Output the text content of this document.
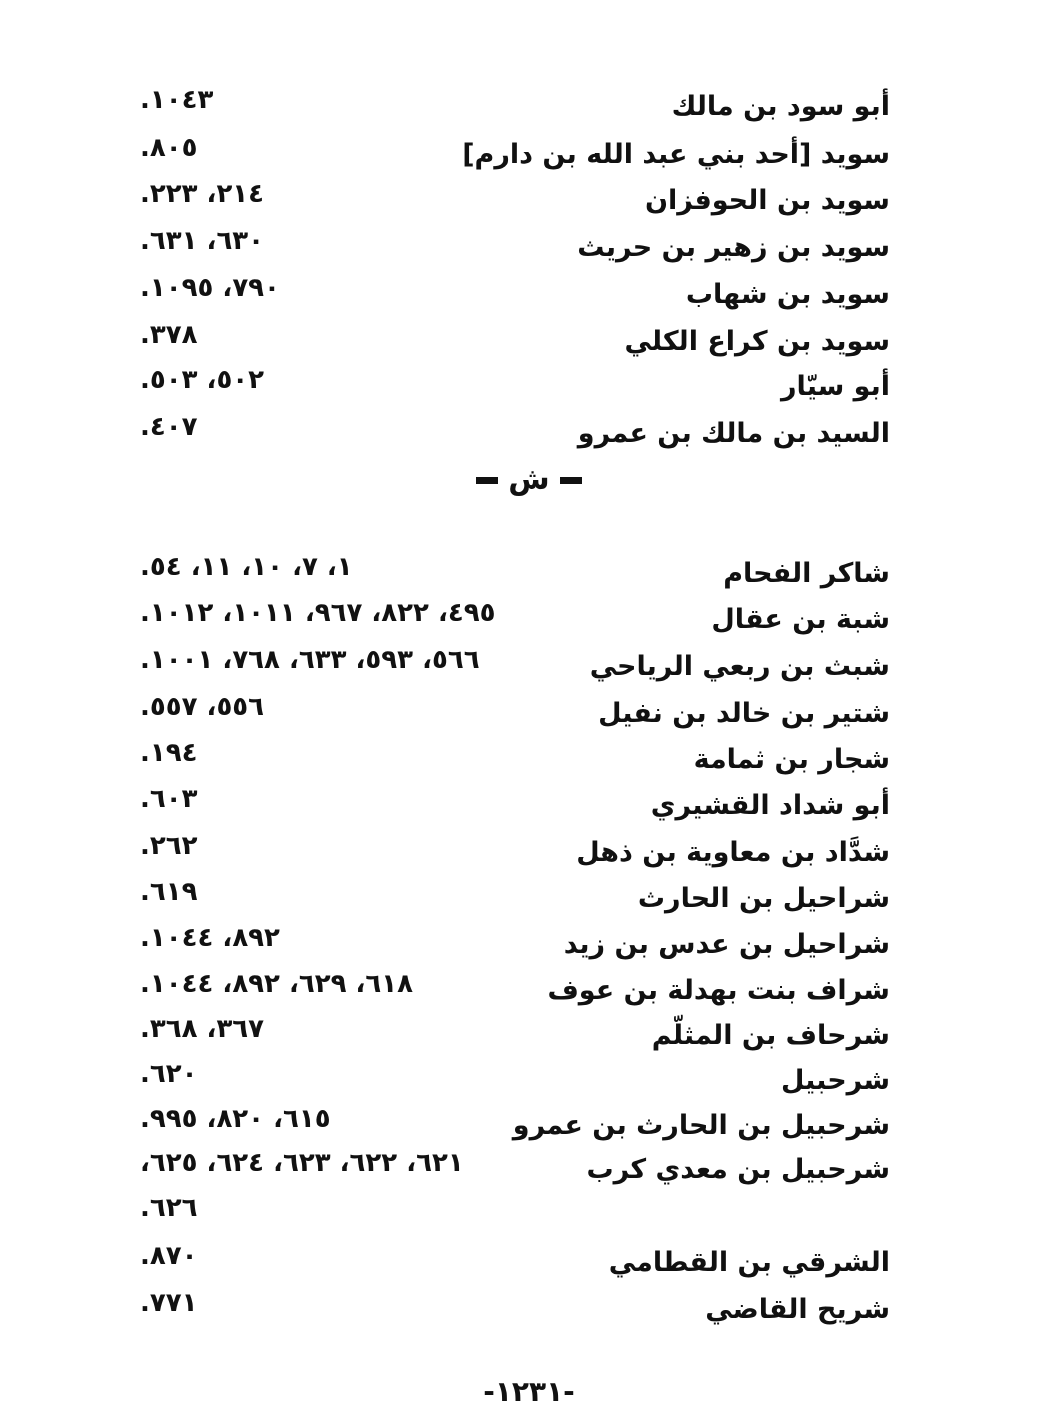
أبو سود بن مالك
١٠٤٣.
سويد [أحد بني عبد الله بن دارم]
٨٠٥.
سويد بن الحوفزان
٢١٤، ٢٢٣.
سويد بن زهير بن حريث
٦٣٠، ٦٣١.
سويد بن شهاب
٧٩٠، ١٠٩٥.
سويد بن كراع الكلي
٣٧٨.
أبو سيّار
٥٠٢، ٥٠٣.
السيد بن مالك بن عمرو
٤٠٧.
ش
شاكر الفحام
١، ٧، ١٠، ١١، ٥٤.
شبة بن عقال
٤٩٥، ٨٢٢، ٩٦٧، ١٠١١، ١٠١٢.
شبث بن ربعي الرياحي
٥٦٦، ٥٩٣، ٦٣٣، ٧٦٨، ١٠٠١.
شتير بن خالد بن نفيل
٥٥٦، ٥٥٧.
شجار بن ثمامة
١٩٤.
أبو شداد القشيري
٦٠٣.
شدَّاد بن معاوية بن ذهل
٢٦٢.
شراحيل بن الحارث
٦١٩.
شراحيل بن عدس بن زيد
٨٩٢، ١٠٤٤.
شراف بنت بهدلة بن عوف
٦١٨، ٦٢٩، ٨٩٢، ١٠٤٤.
شرحاف بن المثلّم
٣٦٧، ٣٦٨.
شرحبيل
٦٢٠.
شرحبيل بن الحارث بن عمرو
٦١٥، ٨٢٠، ٩٩٥.
شرحبيل بن معدي كرب
٦٢١، ٦٢٢، ٦٢٣، ٦٢٤، ٦٢٥،
٦٢٦.
الشرقي بن القطامي
٨٧٠.
شريح القاضي
٧٧١.
-١٢٣١-
